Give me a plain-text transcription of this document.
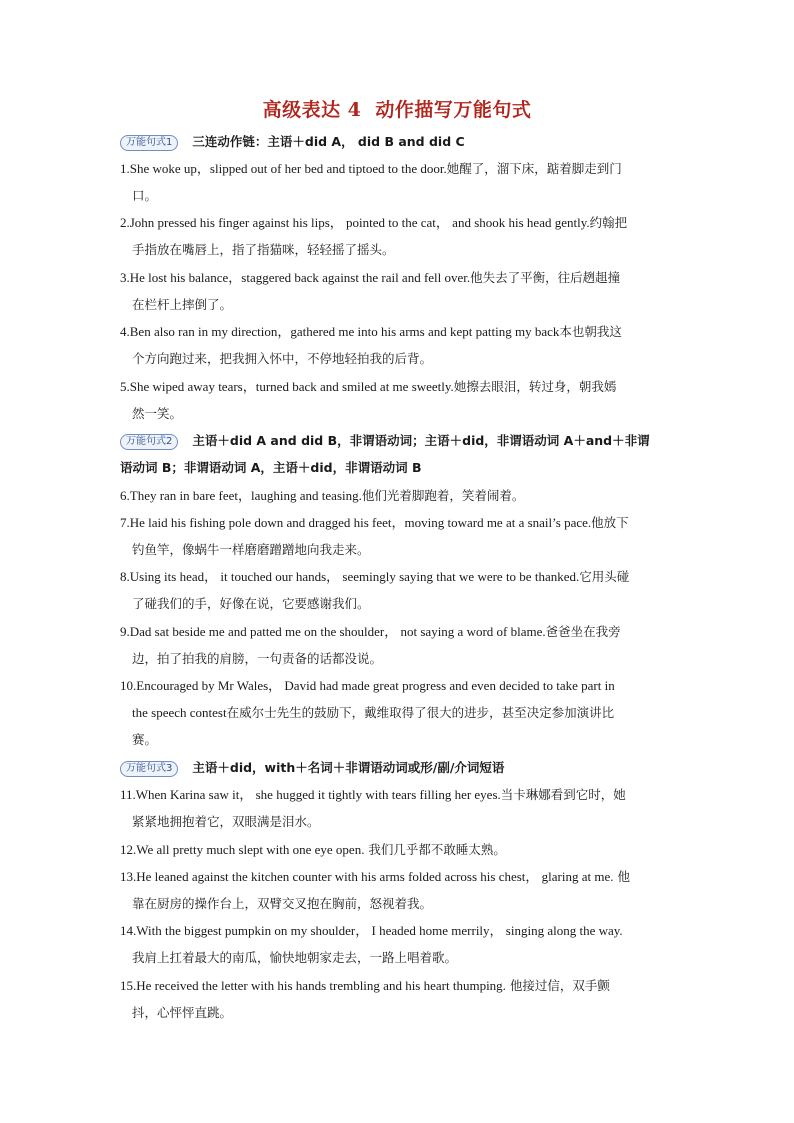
高级表达 4 动作描写万能句式
万能句式1 三连动作链：主语＋did A， did B and did C
1.She woke up，slipped out of her bed and tiptoed to the door.她醒了，溜下床，踮着脚走到门
口。
2.John pressed his finger against his lips， pointed to the cat， and shook his head gently.约翰把
手指放在嘴唇上，指了指猫咪，轻轻摇了摇头。
3.He lost his balance，staggered back against the rail and fell over.他失去了平衡，往后趔趄撞
在栏杆上摔倒了。
4.Ben also ran in my direction，gathered me into his arms and kept patting my back本也朝我这
个方向跑过来，把我拥入怀中，不停地轻拍我的后背。
5.She wiped away tears，turned back and smiled at me sweetly.她擦去眼泪，转过身，朝我嫣
然一笑。
万能句式2 主语＋did A and did B，非谓语动词；主语＋did，非谓语动词 A＋and＋非谓
语动词 B；非谓语动词 A，主语＋did，非谓语动词 B
6.They ran in bare feet，laughing and teasing.他们光着脚跑着，笑着闹着。
7.He laid his fishing pole down and dragged his feet，moving toward me at a snail’s pace.他放下
钓鱼竿，像蜗牛一样磨磨蹭蹭地向我走来。
8.Using its head， it touched our hands， seemingly saying that we were to be thanked.它用头碰
了碰我们的手，好像在说，它要感谢我们。
9.Dad sat beside me and patted me on the shoulder， not saying a word of blame.爸爸坐在我旁
边，拍了拍我的肩膀，一句责备的话都没说。
10.Encouraged by Mr Wales， David had made great progress and even decided to take part in
the speech contest在威尔士先生的鼓励下，戴维取得了很大的进步，甚至决定参加演讲比
赛。
万能句式3 主语＋did，with＋名词＋非谓语动词或形/副/介词短语
11.When Karina saw it， she hugged it tightly with tears filling her eyes.当卡琳娜看到它时，她
紧紧地拥抱着它，双眼满是泪水。
12.We all pretty much slept with one eye open. 我们几乎都不敢睡太熟。
13.He leaned against the kitchen counter with his arms folded across his chest， glaring at me. 他
靠在厨房的操作台上，双臂交叉抱在胸前，怒视着我。
14.With the biggest pumpkin on my shoulder， I headed home merrily， singing along the way.
我肩上扛着最大的南瓜，愉快地朝家走去，一路上唱着歌。
15.He received the letter with his hands trembling and his heart thumping. 他接过信，双手颤
抖，心怦怦直跳。
